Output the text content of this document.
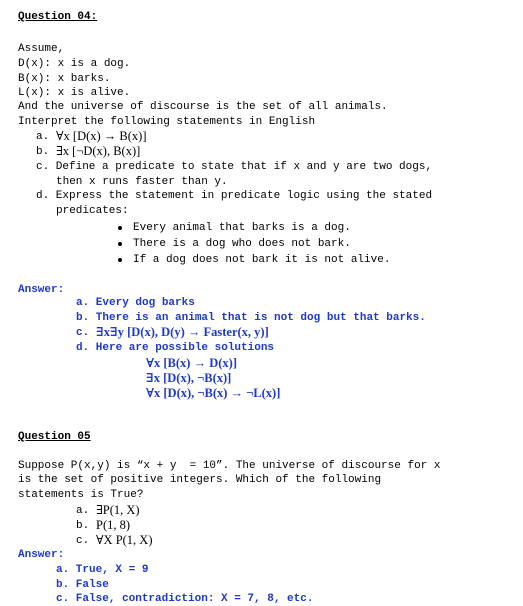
Question 04:
Assume,
D(x): x is a dog.
B(x): x barks.
L(x): x is alive.
And the universe of discourse is the set of all animals.
Interpret the following statements in English
a. ∀x [D(x) → B(x)]
b. ∃x [¬D(x), B(x)]
c. Define a predicate to state that if x and y are two dogs,
then x runs faster than y.
d. Express the statement in predicate logic using the stated
predicates:
Every animal that barks is a dog.
There is a dog who does not bark.
If a dog does not bark it is not alive.
Answer:
a. Every dog barks
b. There is an animal that is not dog but that barks.
c. ∃x∃y [D(x), D(y) → Faster(x, y)]
d. Here are possible solutions
∀x [B(x) → D(x)]
∃x [D(x), ¬B(x)]
∀x [D(x), ¬B(x) → ¬L(x)]
Question 05
Suppose P(x,y) is “x + y  = 10”. The universe of discourse for x
is the set of positive integers. Which of the following
statements is True?
a. ∃P(1, X)
b. P(1, 8)
c. ∀X P(1, X)
Answer:
a. True, X = 9
b. False
c. False, contradiction: X = 7, 8, etc.
